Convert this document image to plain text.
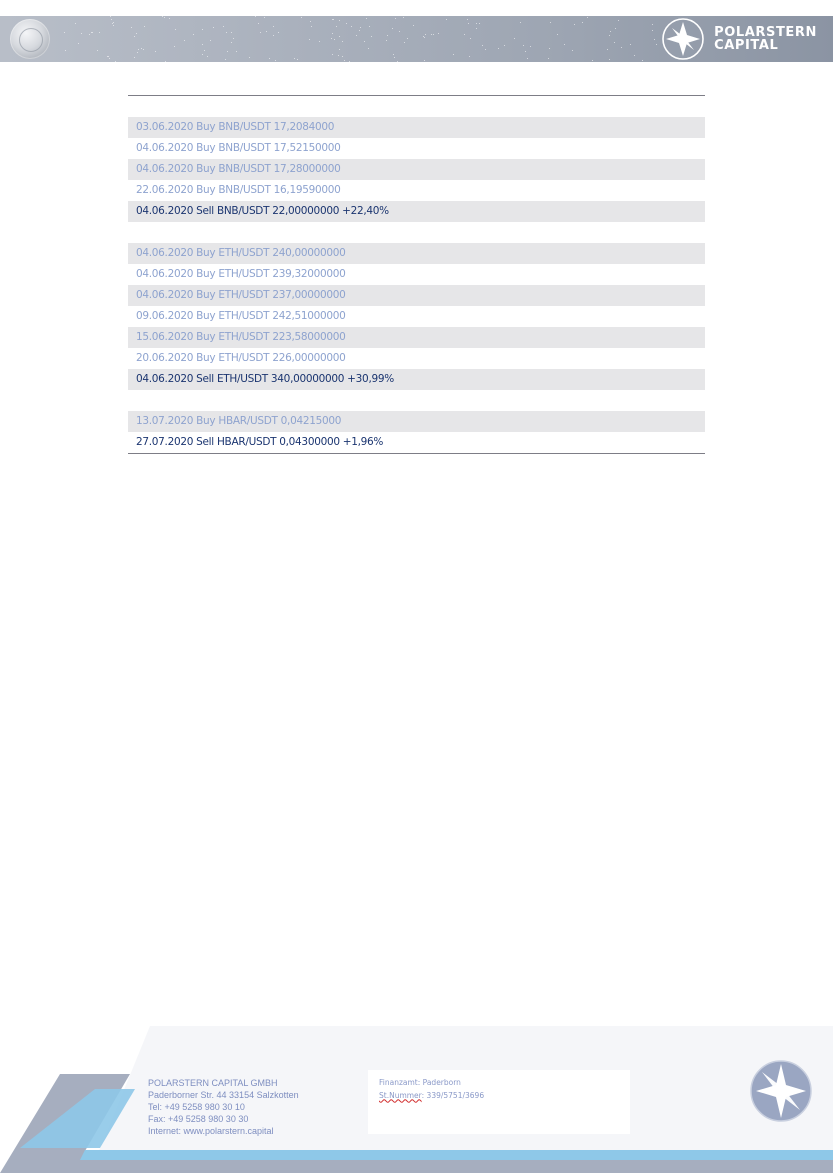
POLARSTERN
CAPITAL
03.06.2020 Buy BNB/USDT 17,2084000
04.06.2020 Buy BNB/USDT 17,52150000
04.06.2020 Buy BNB/USDT 17,28000000
22.06.2020 Buy BNB/USDT 16,19590000
04.06.2020 Sell BNB/USDT 22,00000000 +22,40%
04.06.2020 Buy ETH/USDT 240,00000000
04.06.2020 Buy ETH/USDT 239,32000000
04.06.2020 Buy ETH/USDT 237,00000000
09.06.2020 Buy ETH/USDT 242,51000000
15.06.2020 Buy ETH/USDT 223,58000000
20.06.2020 Buy ETH/USDT 226,00000000
04.06.2020 Sell ETH/USDT 340,00000000 +30,99%
13.07.2020 Buy HBAR/USDT 0,04215000
27.07.2020 Sell HBAR/USDT 0,04300000 +1,96%
POLARSTERN CAPITAL GMBH
Paderborner Str. 44 33154 Salzkotten
Tel: +49 5258 980 30 10
Fax: +49 5258 980 30 30
Internet: www.polarstern.capital
Finanzamt: Paderborn
St.Nummer: 339/5751/3696
